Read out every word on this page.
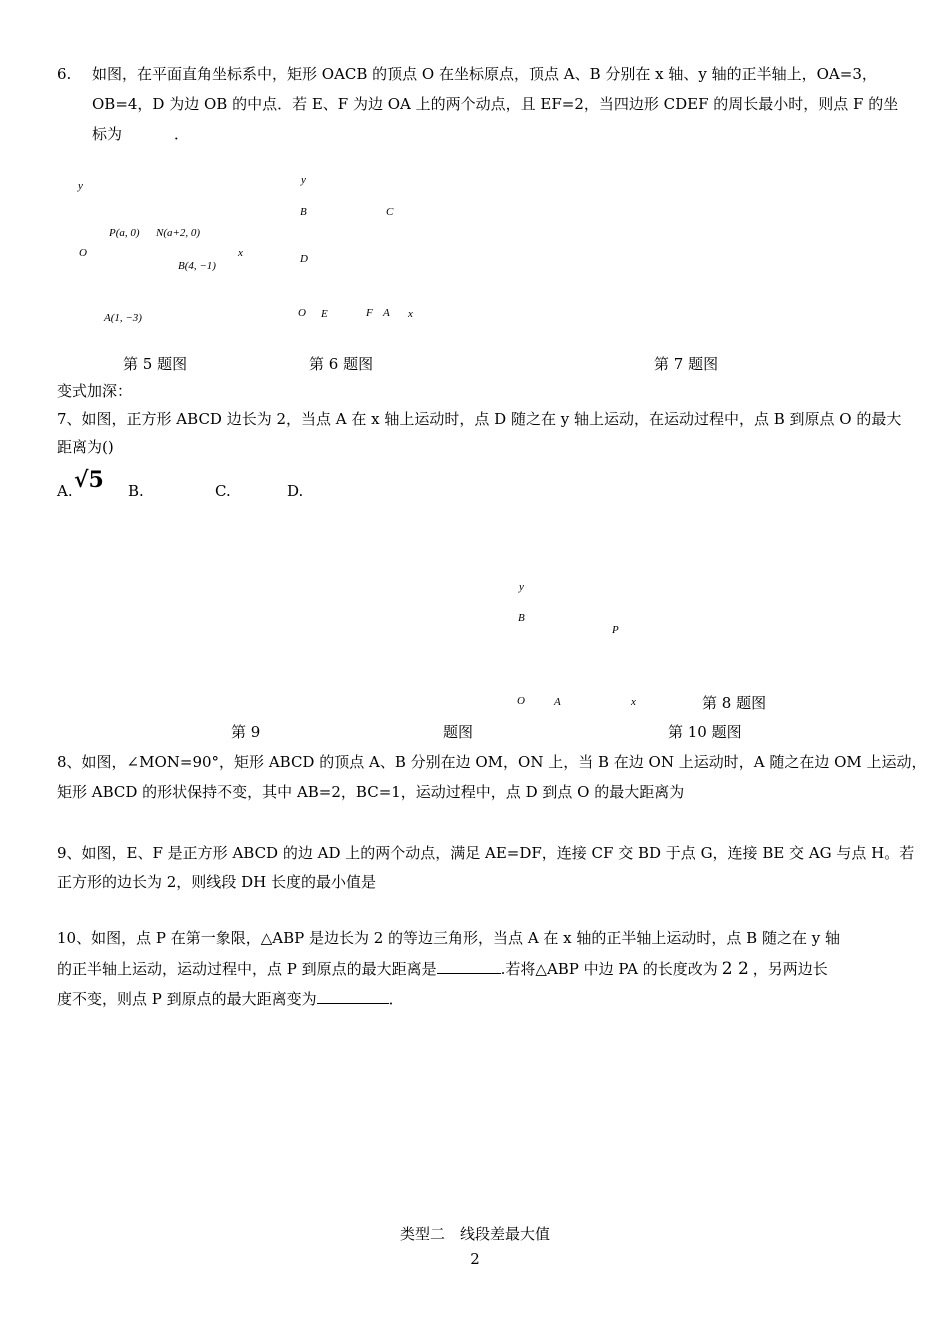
6. 如图，在平面直角坐标系中，矩形 OACB 的顶点 O 在坐标原点，顶点 A、B 分别在 x 轴、y 轴的正半轴上，OA=3，
OB=4，D 为边 OB 的中点．若 E、F 为边 OA 上的两个动点，且 EF=2，当四边形 CDEF 的周长最小时，则点 F 的坐
标为	．
y
O
P(a, 0) N(a+2, 0)
x
B(4, −1)
A(1, −3)
y
B	C
D
O E	F A x
第 5 题图	第 6 题图	第 7 题图
变式加深：
7、如图，正方形 ABCD 边长为 2，当点 A 在 x 轴上运动时，点 D 随之在 y 轴上运动，在运动过程中，点 B 到原点 O 的最大
距离为()
A. √5 B.	C.	D.
y
B
P
O	A	x	第 8 题图
第 9	题图	第 10 题图
8、如图，∠MON=90°，矩形 ABCD 的顶点 A、B 分别在边 OM，ON 上，当 B 在边 ON 上运动时，A 随之在边 OM 上运动，
矩形 ABCD 的形状保持不变，其中 AB=2，BC=1，运动过程中，点 D 到点 O 的最大距离为
9、如图，E、F 是正方形 ABCD 的边 AD 上的两个动点，满足 AE=DF，连接 CF 交 BD 于点 G，连接 BE 交 AG 与点 H。若
正方形的边长为 2，则线段 DH 长度的最小值是
10、如图，点 P 在第一象限，△ABP 是边长为 2 的等边三角形，当点 A 在 x 轴的正半轴上运动时，点 B 随之在 y 轴
的正半轴上运动，运动过程中，点 P 到原点的最大距离是	.若将△ABP 中边 PA 的长度改为 2 2 ，另两边长
度不变，则点 P 到原点的最大距离变为	．
类型二　线段差最大值
2
